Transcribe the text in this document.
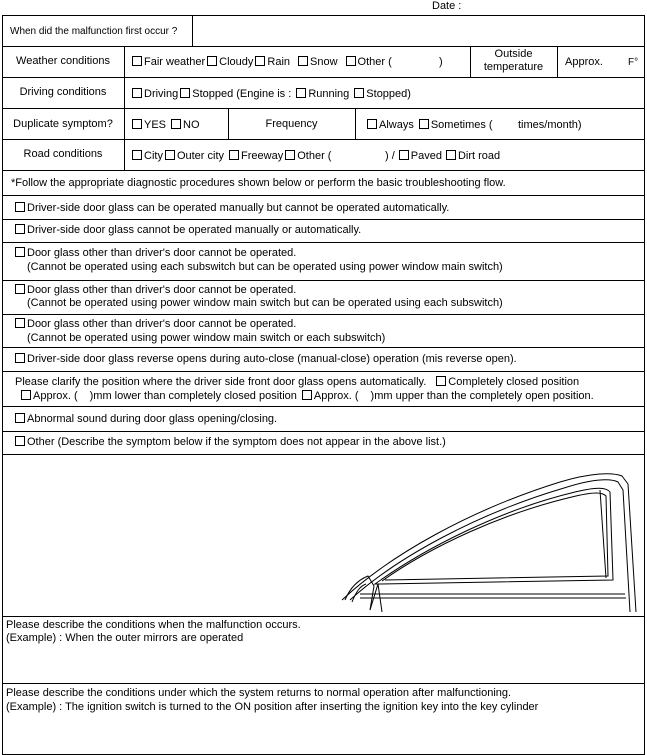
Date :
When did the malfunction first occur ?
Weather conditions	Fair weather Cloudy Rain Snow Other (	)
Outside
temperature	Approx.	F°
Driving conditions	Driving Stopped (Engine is : Running Stopped)
Duplicate symptom?	YES NO	Frequency	Always Sometimes ( times/month)
Road conditions	City Outer city Freeway Other (	) / Paved Dirt road
*Follow the appropriate diagnostic procedures shown below or perform the basic troubleshooting flow.
Driver-side door glass can be operated manually but cannot be operated automatically.
Driver-side door glass cannot be operated manually or automatically.
Door glass other than driver's door cannot be operated.
(Cannot be operated using each subswitch but can be operated using power window main switch)
Door glass other than driver's door cannot be operated.
(Cannot be operated using power window main switch but can be operated using each subswitch)
Door glass other than driver's door cannot be operated.
(Cannot be operated using power window main switch or each subswitch)
Driver-side door glass reverse opens during auto-close (manual-close) operation (mis reverse open).
Please clarify the position where the driver side front door glass opens automatically. Completely closed position
Approx. ( )mm lower than completely closed position Approx. ( )mm upper than the completely open position.
Abnormal sound during door glass opening/closing.
Other (Describe the symptom below if the symptom does not appear in the above list.)
Please describe the conditions when the malfunction occurs.
(Example) : When the outer mirrors are operated
Please describe the conditions under which the system returns to normal operation after malfunctioning.
(Example) : The ignition switch is turned to the ON position after inserting the ignition key into the key cylinder
